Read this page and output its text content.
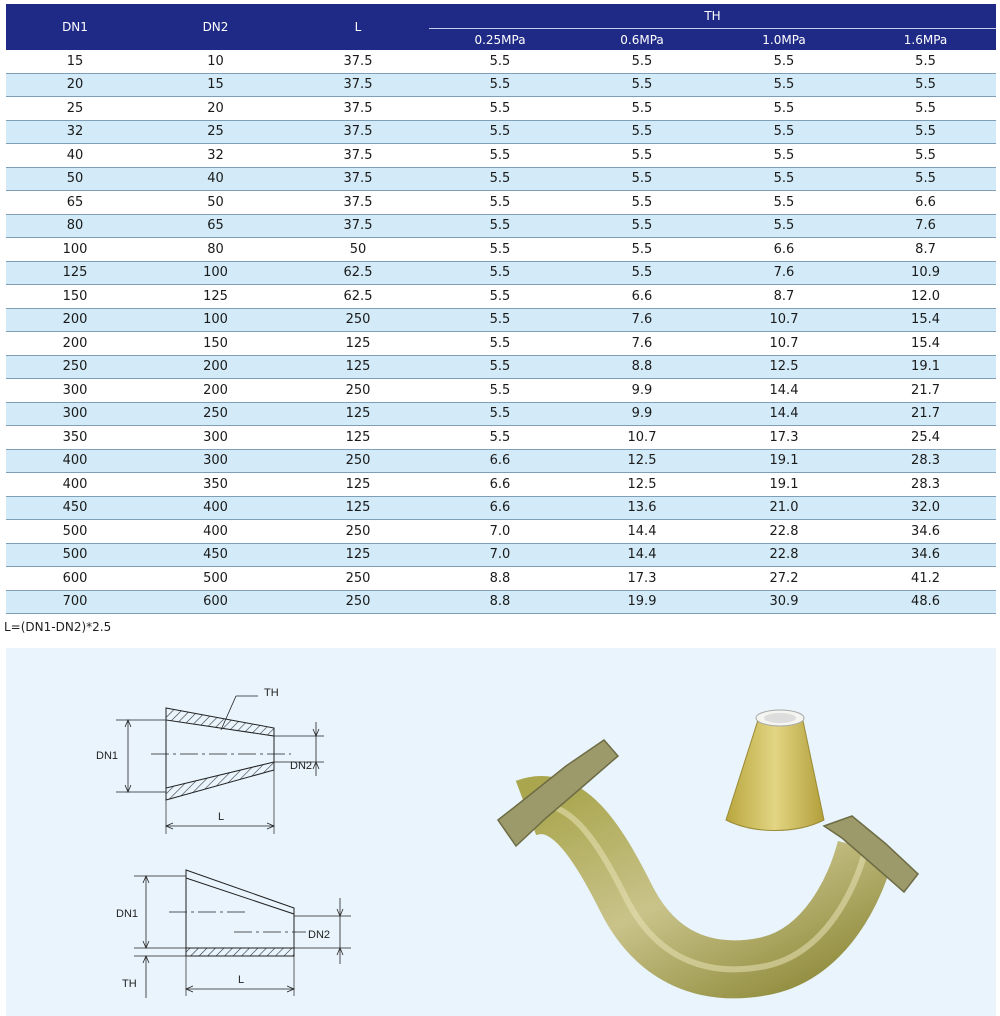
DN1	DN2	L	TH			
			0.25MPa	0.6MPa	1.0MPa	1.6MPa
15	10	37.5	5.5	5.5	5.5	5.5
20	15	37.5	5.5	5.5	5.5	5.5
25	20	37.5	5.5	5.5	5.5	5.5
32	25	37.5	5.5	5.5	5.5	5.5
40	32	37.5	5.5	5.5	5.5	5.5
50	40	37.5	5.5	5.5	5.5	5.5
65	50	37.5	5.5	5.5	5.5	6.6
80	65	37.5	5.5	5.5	5.5	7.6
100	80	50	5.5	5.5	6.6	8.7
125	100	62.5	5.5	5.5	7.6	10.9
150	125	62.5	5.5	6.6	8.7	12.0
200	100	250	5.5	7.6	10.7	15.4
200	150	125	5.5	7.6	10.7	15.4
250	200	125	5.5	8.8	12.5	19.1
300	200	250	5.5	9.9	14.4	21.7
300	250	125	5.5	9.9	14.4	21.7
350	300	125	5.5	10.7	17.3	25.4
400	300	250	6.6	12.5	19.1	28.3
400	350	125	6.6	12.5	19.1	28.3
450	400	125	6.6	13.6	21.0	32.0
500	400	250	7.0	14.4	22.8	34.6
500	450	125	7.0	14.4	22.8	34.6
600	500	250	8.8	17.3	27.2	41.2
700	600	250	8.8	19.9	30.9	48.6
L=(DN1-DN2)*2.5
TH
DN1
DN2
L
DN1
DN2
TH	L
